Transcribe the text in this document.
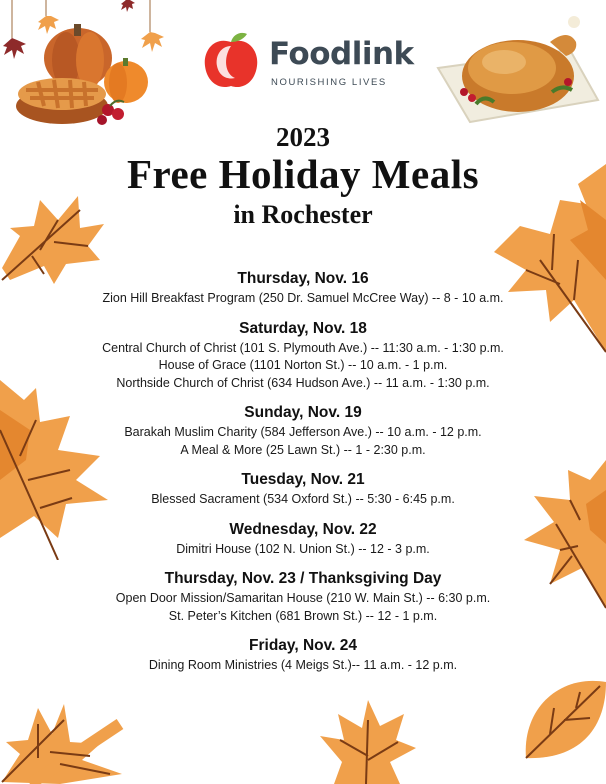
Foodlink
NOURISHING LIVES
2023
Free Holiday Meals
in Rochester
Thursday, Nov. 16
Zion Hill Breakfast Program (250 Dr. Samuel McCree Way) -- 8 - 10 a.m.
Saturday, Nov. 18
Central Church of Christ (101 S. Plymouth Ave.) -- 11:30 a.m. - 1:30 p.m.
House of Grace (1101 Norton St.) -- 10 a.m. - 1 p.m.
Northside Church of Christ (634 Hudson Ave.) -- 11 a.m. - 1:30 p.m.
Sunday, Nov. 19
Barakah Muslim Charity (584 Jefferson Ave.) -- 10 a.m. - 12 p.m.
A Meal & More (25 Lawn St.) -- 1 - 2:30 p.m.
Tuesday, Nov. 21
Blessed Sacrament (534 Oxford St.) -- 5:30 - 6:45 p.m.
Wednesday, Nov. 22
Dimitri House (102 N. Union St.) -- 12 - 3 p.m.
Thursday, Nov. 23 / Thanksgiving Day
Open Door Mission/Samaritan House (210 W. Main St.) -- 6:30 p.m.
St. Peter’s Kitchen (681 Brown St.) -- 12 - 1 p.m.
Friday, Nov. 24
Dining Room Ministries (4 Meigs St.)-- 11 a.m. - 12 p.m.
